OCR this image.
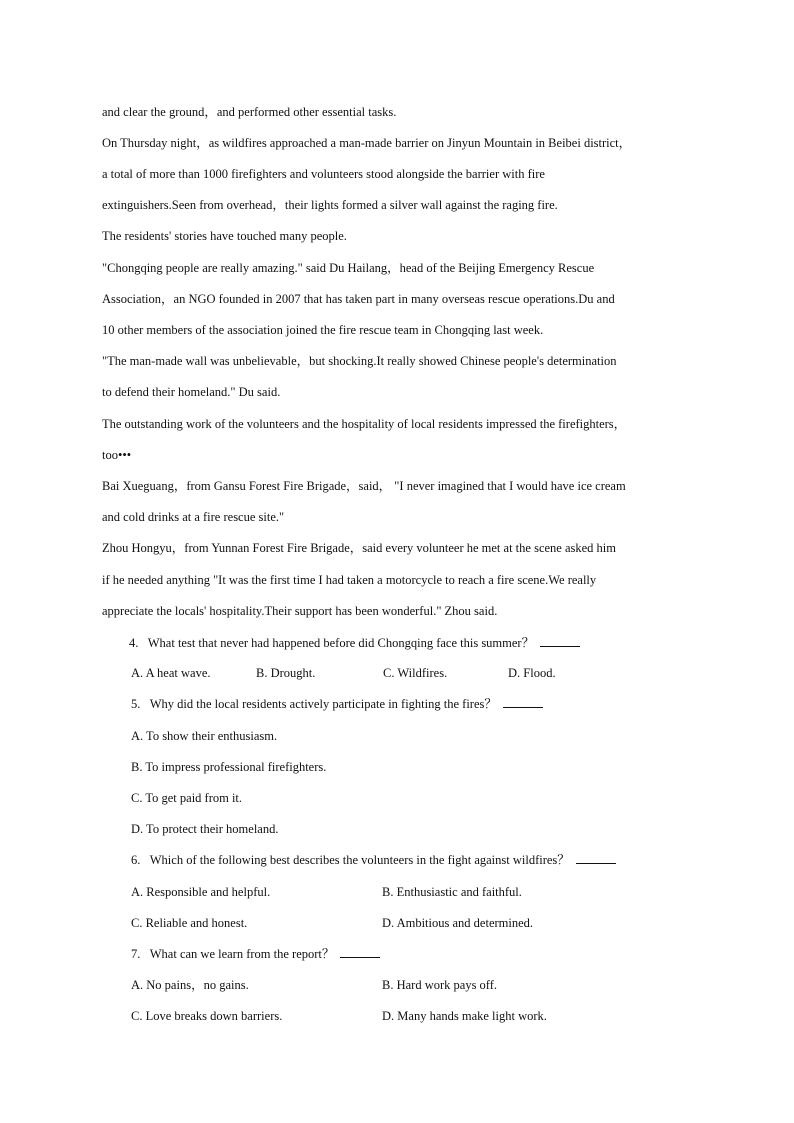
and clear the ground，and performed other essential tasks.
On Thursday night，as wildfires approached a man-made barrier on Jinyun Mountain in Beibei district，
a total of more than 1000 firefighters and volunteers stood alongside the barrier with fire
extinguishers.Seen from overhead，their lights formed a silver wall against the raging fire.
The residents' stories have touched many people.
"Chongqing people are really amazing." said Du Hailang，head of the Beijing Emergency Rescue
Association，an NGO founded in 2007 that has taken part in many overseas rescue operations.Du and
10 other members of the association joined the fire rescue team in Chongqing last week.
"The man-made wall was unbelievable，but shocking.It really showed Chinese people's determination
to defend their homeland." Du said.
The outstanding work of the volunteers and the hospitality of local residents impressed the firefighters，
too•••
Bai Xueguang，from Gansu Forest Fire Brigade，said， "I never imagined that I would have ice cream
and cold drinks at a fire rescue site."
Zhou Hongyu，from Yunnan Forest Fire Brigade，said every volunteer he met at the scene asked him
if he needed anything "It was the first time I had taken a motorcycle to reach a fire scene.We really
appreciate the locals' hospitality.Their support has been wonderful." Zhou said.
4. What test that never had happened before did Chongqing face this summer？
A. A heat wave.	B. Drought.	C. Wildfires.	D. Flood.
5. Why did the local residents actively participate in fighting the fires？
A. To show their enthusiasm.
B. To impress professional firefighters.
C. To get paid from it.
D. To protect their homeland.
6. Which of the following best describes the volunteers in the fight against wildfires？
A. Responsible and helpful.	B. Enthusiastic and faithful.
C. Reliable and honest.	D. Ambitious and determined.
7. What can we learn from the report？
A. No pains，no gains.	B. Hard work pays off.
C. Love breaks down barriers.	D. Many hands make light work.
